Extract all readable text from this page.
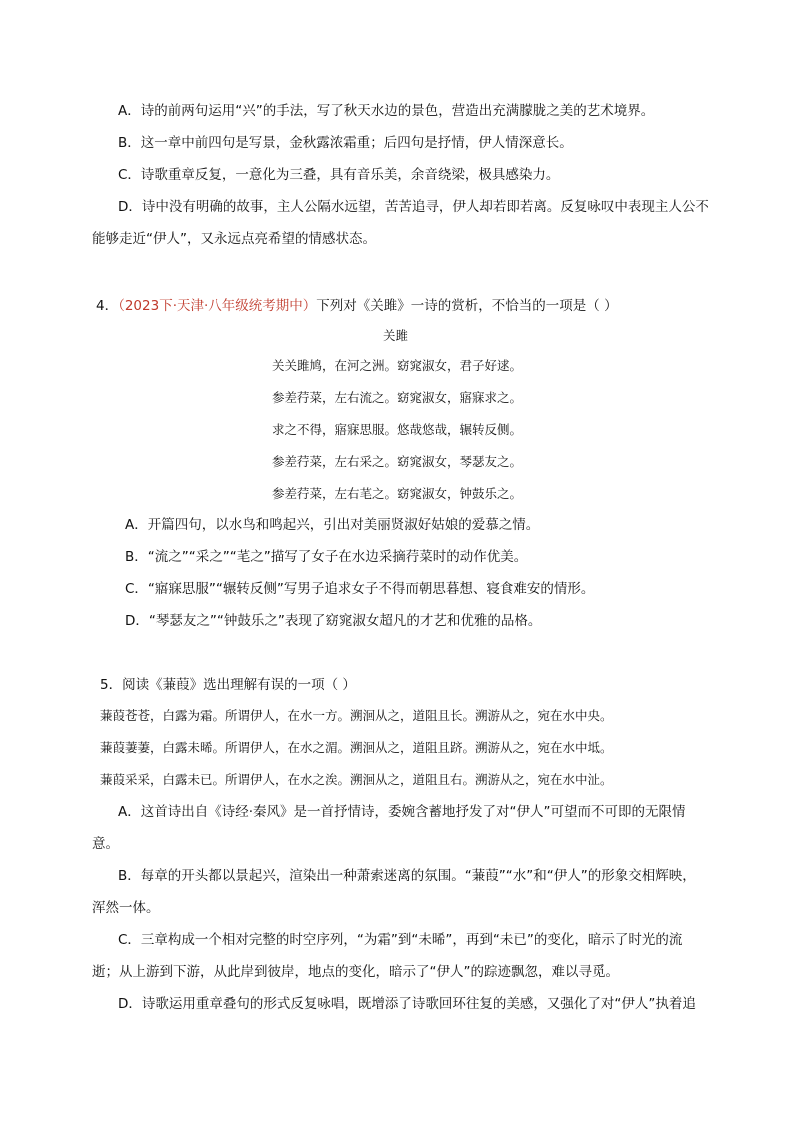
A．诗的前两句运用“兴”的手法，写了秋天水边的景色，营造出充满朦胧之美的艺术境界。
B．这一章中前四句是写景，金秋露浓霜重；后四句是抒情，伊人情深意长。
C．诗歌重章反复，一意化为三叠，具有音乐美，余音绕梁，极具感染力。
D．诗中没有明确的故事，主人公隔水远望，苦苦追寻，伊人却若即若离。反复咏叹中表现主人公不
能够走近“伊人”，又永远点亮希望的情感状态。
4．（2023下·天津·八年级统考期中）下列对《关雎》一诗的赏析，不恰当的一项是（ ）
关雎
关关雎鸠，在河之洲。窈窕淑女，君子好逑。
参差荇菜，左右流之。窈窕淑女，寤寐求之。
求之不得，寤寐思服。悠哉悠哉，辗转反侧。
参差荇菜，左右采之。窈窕淑女，琴瑟友之。
参差荇菜，左右芼之。窈窕淑女，钟鼓乐之。
A．开篇四句，以水鸟和鸣起兴，引出对美丽贤淑好姑娘的爱慕之情。
B．“流之”“采之”“芼之”描写了女子在水边采摘荇菜时的动作优美。
C．“寤寐思服”“辗转反侧”写男子追求女子不得而朝思暮想、寝食难安的情形。
D．“琴瑟友之”“钟鼓乐之”表现了窈窕淑女超凡的才艺和优雅的品格。
5．阅读《蒹葭》选出理解有误的一项（ ）
蒹葭苍苍，白露为霜。所谓伊人，在水一方。溯洄从之，道阻且长。溯游从之，宛在水中央。
蒹葭萋萋，白露未晞。所谓伊人，在水之湄。溯洄从之，道阻且跻。溯游从之，宛在水中坻。
蒹葭采采，白露未已。所谓伊人，在水之涘。溯洄从之，道阻且右。溯游从之，宛在水中沚。
A．这首诗出自《诗经·秦风》是一首抒情诗，委婉含蓄地抒发了对“伊人”可望而不可即的无限情
意。
B．每章的开头都以景起兴，渲染出一种萧索迷离的氛围。“蒹葭”“水”和“伊人”的形象交相辉映，
浑然一体。
C．三章构成一个相对完整的时空序列，“为霜”到“未晞”，再到“未已”的变化，暗示了时光的流
逝；从上游到下游，从此岸到彼岸，地点的变化，暗示了“伊人”的踪迹飘忽，难以寻觅。
D．诗歌运用重章叠句的形式反复咏唱，既增添了诗歌回环往复的美感，又强化了对“伊人”执着追
